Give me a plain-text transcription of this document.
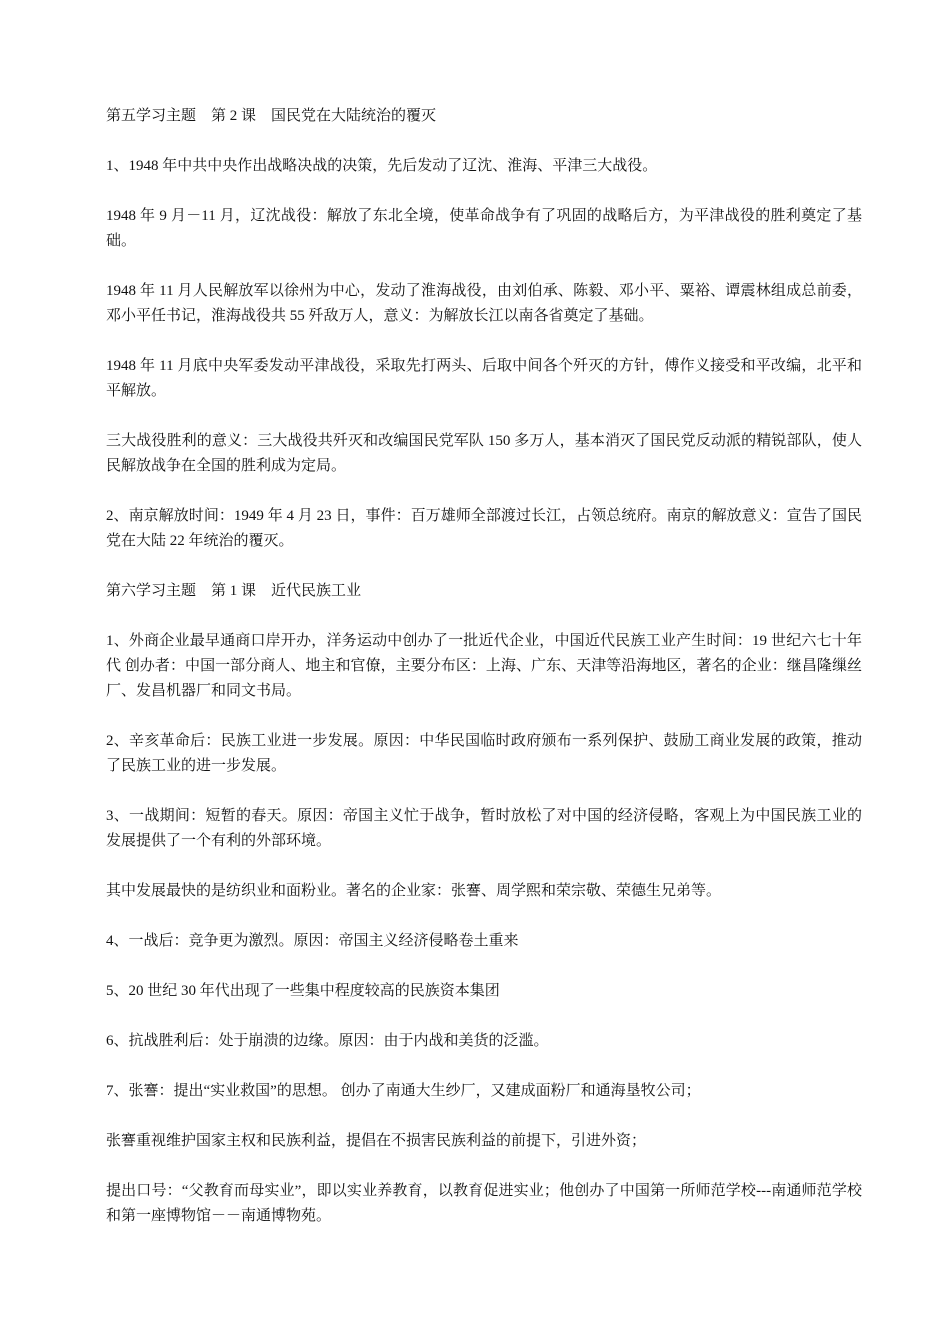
第五学习主题　第 2 课　国民党在大陆统治的覆灭

1、1948 年中共中央作出战略决战的决策，先后发动了辽沈、淮海、平津三大战役。

1948 年 9 月－11 月，辽沈战役：解放了东北全境，使革命战争有了巩固的战略后方，为平津战役的胜利奠定了基础。

1948 年 11 月人民解放军以徐州为中心，发动了淮海战役，由刘伯承、陈毅、邓小平、粟裕、谭震林组成总前委，邓小平任书记，淮海战役共 55 歼敌万人，意义：为解放长江以南各省奠定了基础。

1948 年 11 月底中央军委发动平津战役，采取先打两头、后取中间各个歼灭的方针，傅作义接受和平改编，北平和平解放。

三大战役胜利的意义：三大战役共歼灭和改编国民党军队 150 多万人，基本消灭了国民党反动派的精锐部队，使人民解放战争在全国的胜利成为定局。

2、南京解放时间：1949 年 4 月 23 日，事件：百万雄师全部渡过长江，占领总统府。南京的解放意义：宣告了国民党在大陆 22 年统治的覆灭。

第六学习主题　第 1 课　近代民族工业

1、外商企业最早通商口岸开办，洋务运动中创办了一批近代企业，中国近代民族工业产生时间：19 世纪六七十年代 创办者：中国一部分商人、地主和官僚，主要分布区：上海、广东、天津等沿海地区，著名的企业：继昌隆缫丝厂、发昌机器厂和同文书局。

2、辛亥革命后：民族工业进一步发展。原因：中华民国临时政府颁布一系列保护、鼓励工商业发展的政策，推动了民族工业的进一步发展。

3、一战期间：短暂的春天。原因：帝国主义忙于战争，暂时放松了对中国的经济侵略，客观上为中国民族工业的发展提供了一个有利的外部环境。

其中发展最快的是纺织业和面粉业。著名的企业家：张謇、周学熙和荣宗敬、荣德生兄弟等。

4、一战后：竞争更为激烈。原因：帝国主义经济侵略卷土重来

5、20 世纪 30 年代出现了一些集中程度较高的民族资本集团

6、抗战胜利后：处于崩溃的边缘。原因：由于内战和美货的泛滥。

7、张謇：提出“实业救国”的思想。 创办了南通大生纱厂，又建成面粉厂和通海垦牧公司；

张謇重视维护国家主权和民族利益，提倡在不损害民族利益的前提下，引进外资；

提出口号：“父教育而母实业”，即以实业养教育，以教育促进实业；他创办了中国第一所师范学校---南通师范学校和第一座博物馆－－南通博物苑。
